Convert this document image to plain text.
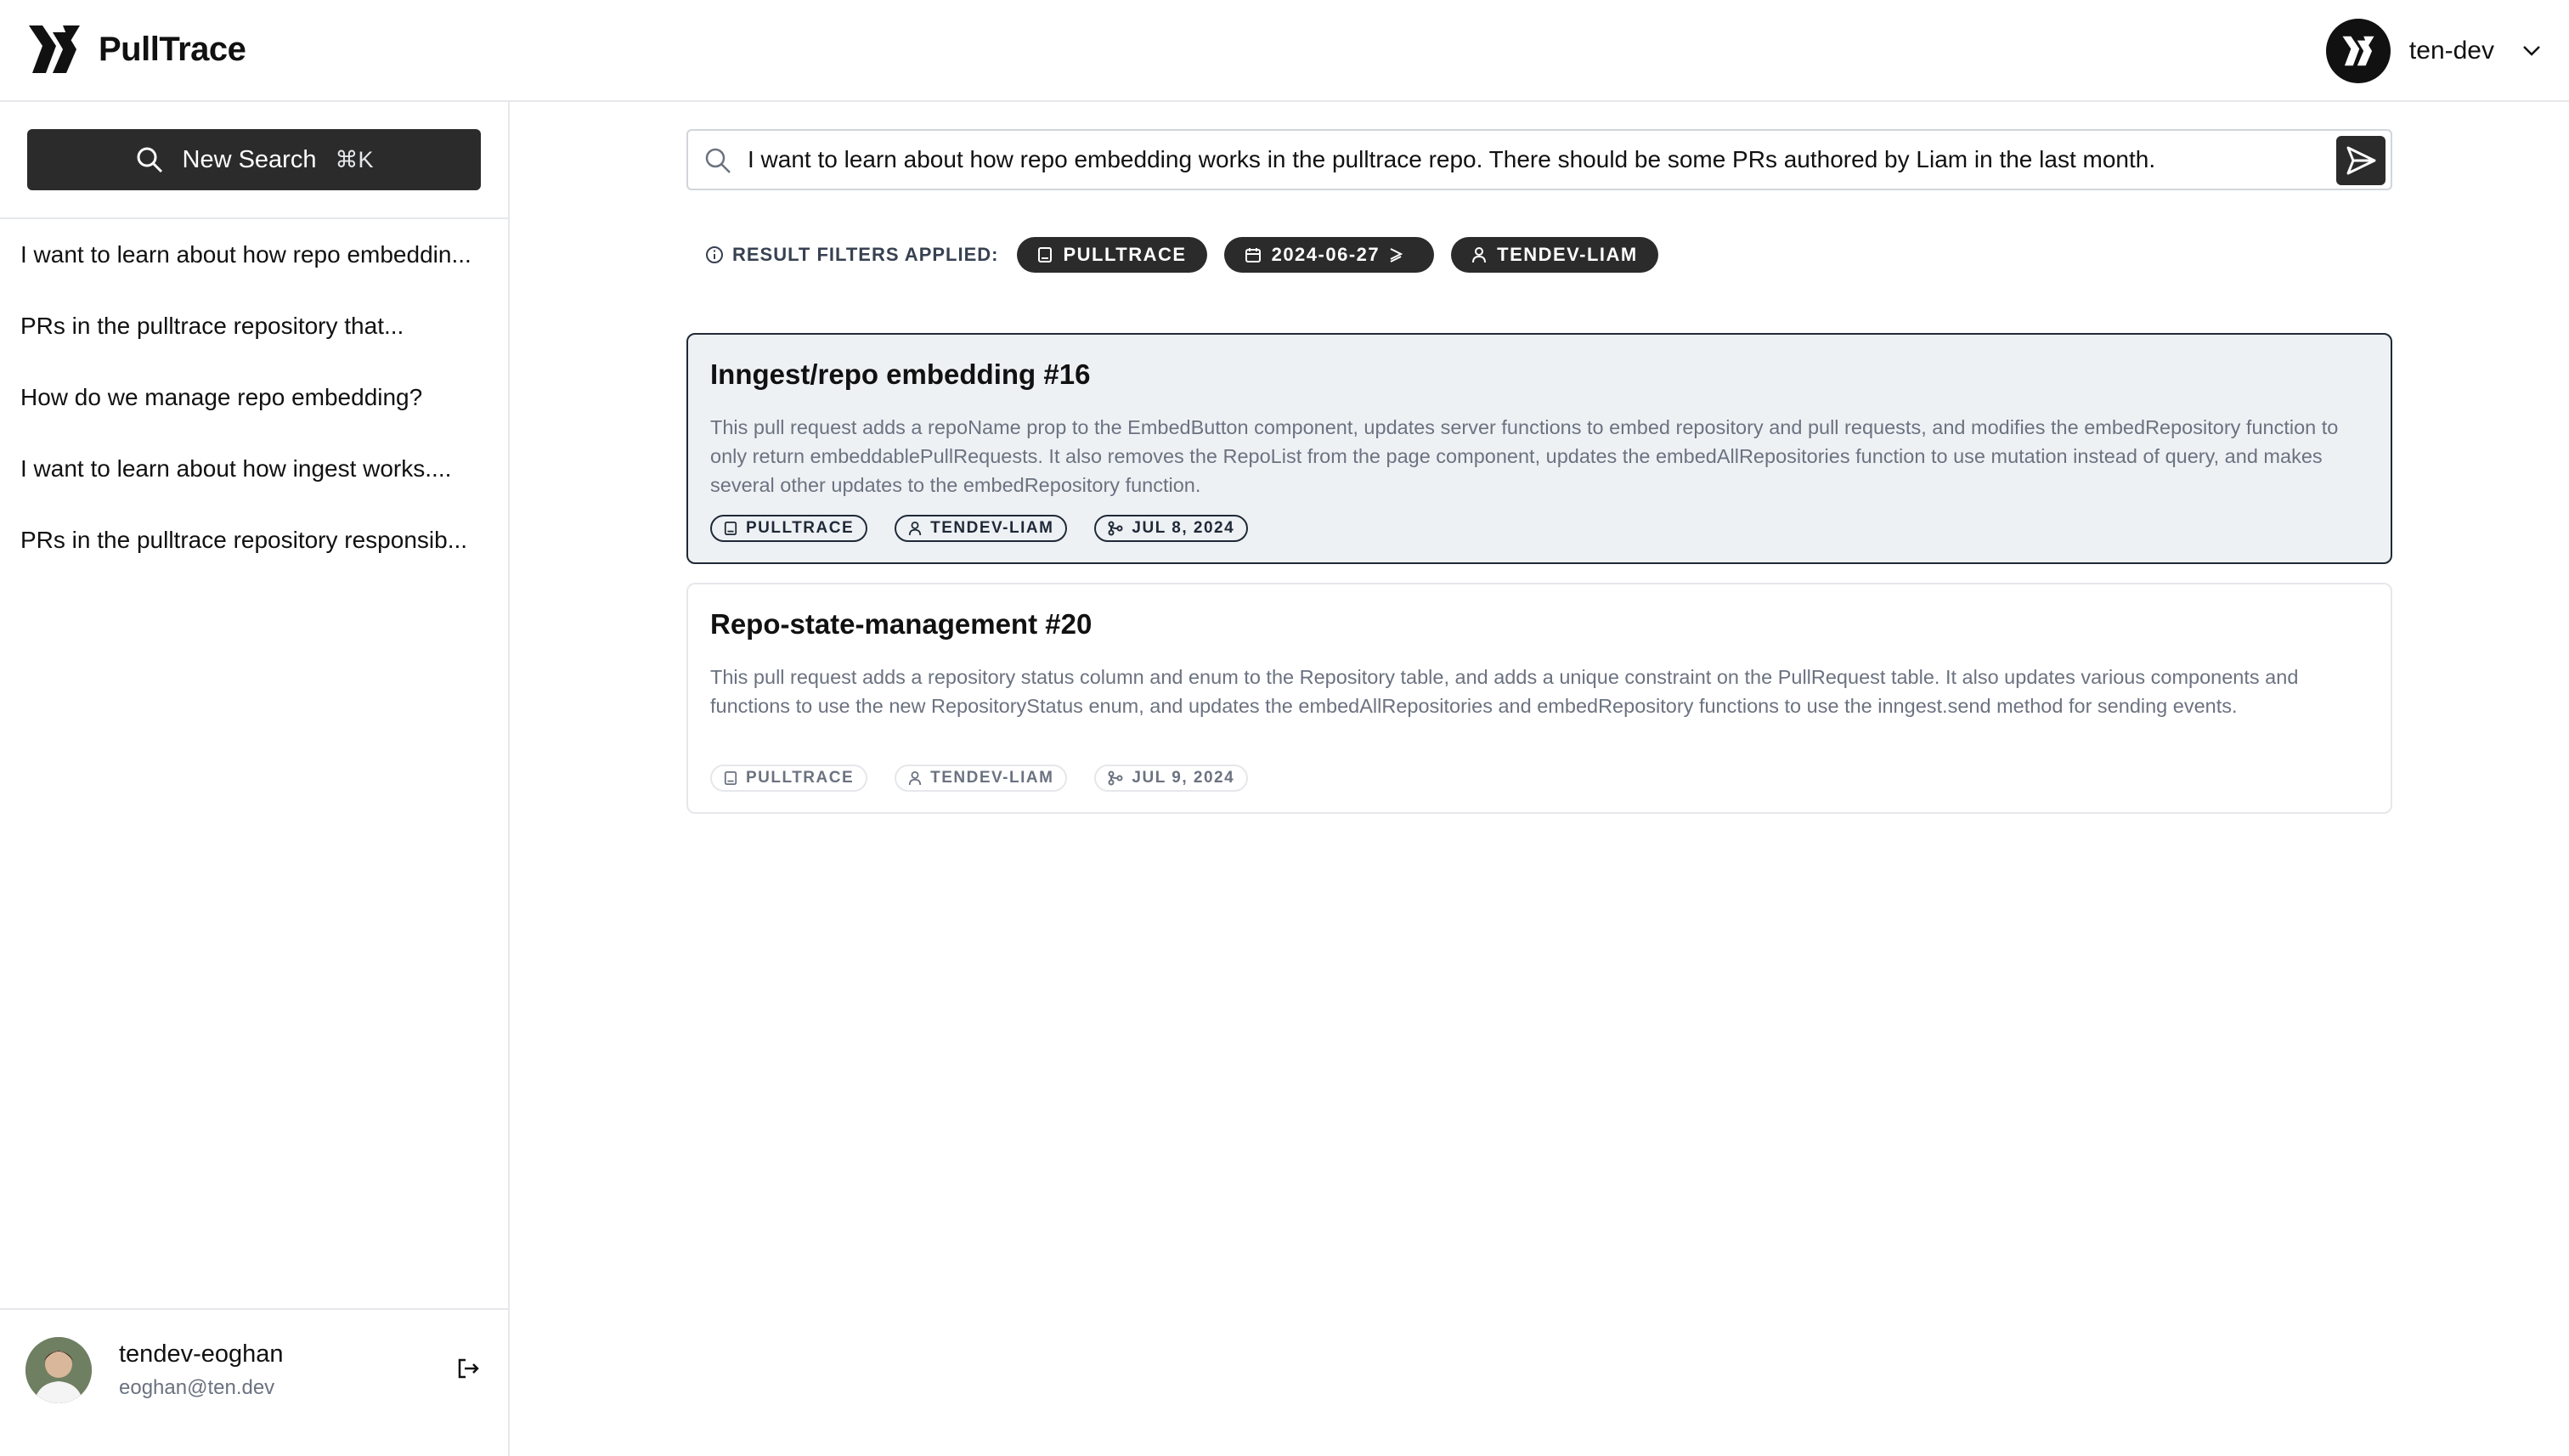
PullTrace	ten-dev
New Search ⌘K
I want to learn about how repo embeddin...
PRs in the pulltrace repository that...
How do we manage repo embedding?
I want to learn about how ingest works....
PRs in the pulltrace repository responsib...
tendev-eoghan
eoghan@ten.dev
I want to learn about how repo embedding works in the pulltrace repo. There should be some PRs authored by Liam in the last month.
RESULT FILTERS APPLIED:	PULLTRACE	2024-06-27	TENDEV-LIAM
Inngest/repo embedding #16
This pull request adds a repoName prop to the EmbedButton component, updates server functions to embed repository and pull requests, and modifies the embedRepository function to only return embeddablePullRequests. It also removes the RepoList from the page component, updates the embedAllRepositories function to use mutation instead of query, and makes several other updates to the embedRepository function.
PULLTRACE	TENDEV-LIAM	JUL 8, 2024
Repo-state-management #20
This pull request adds a repository status column and enum to the Repository table, and adds a unique constraint on the PullRequest table. It also updates various components and functions to use the new RepositoryStatus enum, and updates the embedAllRepositories and embedRepository functions to use the inngest.send method for sending events.
PULLTRACE	TENDEV-LIAM	JUL 9, 2024
